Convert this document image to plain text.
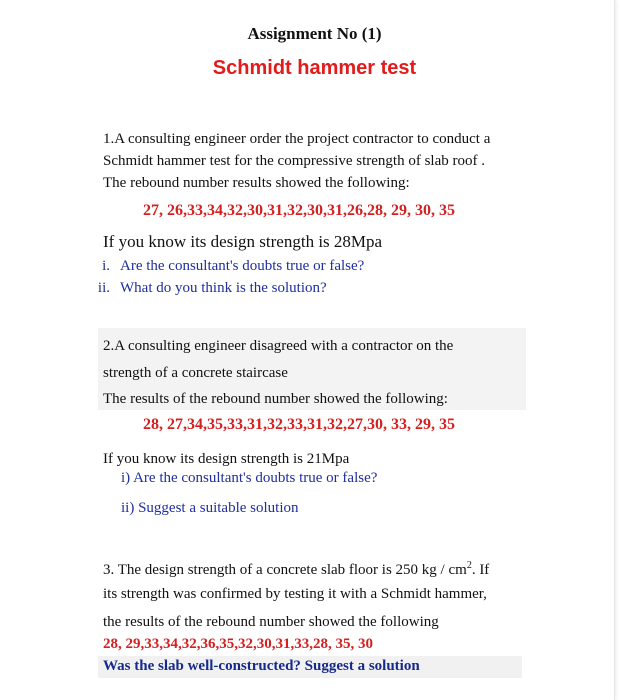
Assignment No (1)
Schmidt hammer test
1.A consulting engineer order the project contractor to conduct a
Schmidt hammer test for the compressive strength of slab roof .
The rebound number results showed the following:
27, 26,33,34,32,30,31,32,30,31,26,28, 29, 30, 35
If you know its design strength is 28Mpa
i. Are the consultant's doubts true or false?
ii. What do you think is the solution?
2.A consulting engineer disagreed with a contractor on the
strength of a concrete staircase
The results of the rebound number showed the following:
28, 27,34,35,33,31,32,33,31,32,27,30, 33, 29, 35
If you know its design strength is 21Mpa
i) Are the consultant's doubts true or false?
ii) Suggest a suitable solution
3. The design strength of a concrete slab floor is 250 kg / $cm^2$. If
its strength was confirmed by testing it with a Schmidt hammer,
the results of the rebound number showed the following
28, 29,33,34,32,36,35,32,30,31,33,28, 35, 30
Was the slab well-constructed? Suggest a solution
